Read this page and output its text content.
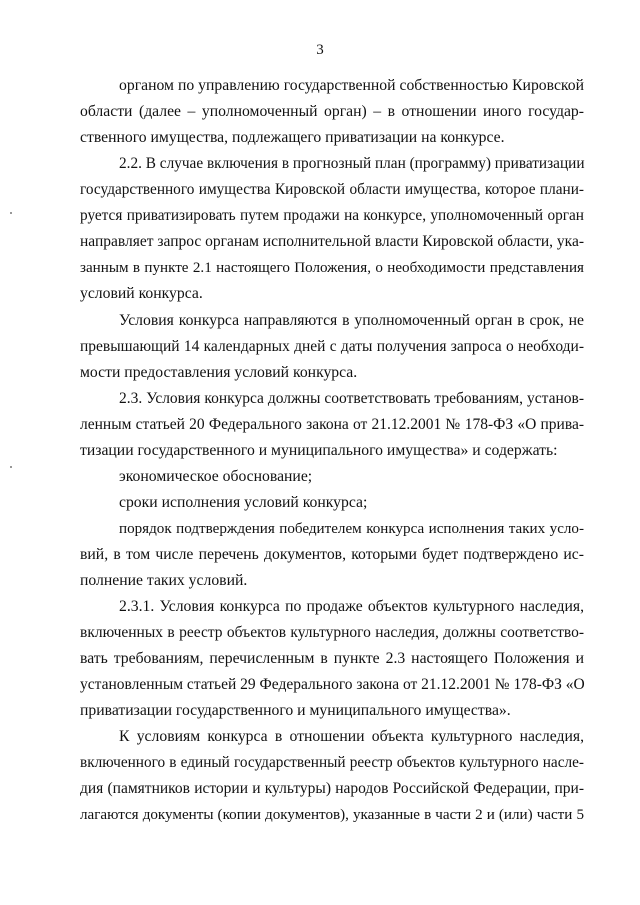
3
органом по управлению государственной собственностью Кировской
области (далее – уполномоченный орган) – в отношении иного государ-
ственного имущества, подлежащего приватизации на конкурсе.
2.2. В случае включения в прогнозный план (программу) приватизации
государственного имущества Кировской области имущества, которое плани-
руется приватизировать путем продажи на конкурсе, уполномоченный орган
направляет запрос органам исполнительной власти Кировской области, ука-
занным в пункте 2.1 настоящего Положения, о необходимости представления
условий конкурса.
Условия конкурса направляются в уполномоченный орган в срок, не
превышающий 14 календарных дней с даты получения запроса о необходи-
мости предоставления условий конкурса.
2.3. Условия конкурса должны соответствовать требованиям, установ-
ленным статьей 20 Федерального закона от 21.12.2001 № 178-ФЗ «О прива-
тизации государственного и муниципального имущества» и содержать:
экономическое обоснование;
сроки исполнения условий конкурса;
порядок подтверждения победителем конкурса исполнения таких усло-
вий, в том числе перечень документов, которыми будет подтверждено ис-
полнение таких условий.
2.3.1. Условия конкурса по продаже объектов культурного наследия,
включенных в реестр объектов культурного наследия, должны соответство-
вать требованиям, перечисленным в пункте 2.3 настоящего Положения и
установленным статьей 29 Федерального закона от 21.12.2001 № 178-ФЗ «О
приватизации государственного и муниципального имущества».
К условиям конкурса в отношении объекта культурного наследия,
включенного в единый государственный реестр объектов культурного насле-
дия (памятников истории и культуры) народов Российской Федерации, при-
лагаются документы (копии документов), указанные в части 2 и (или) части 5
